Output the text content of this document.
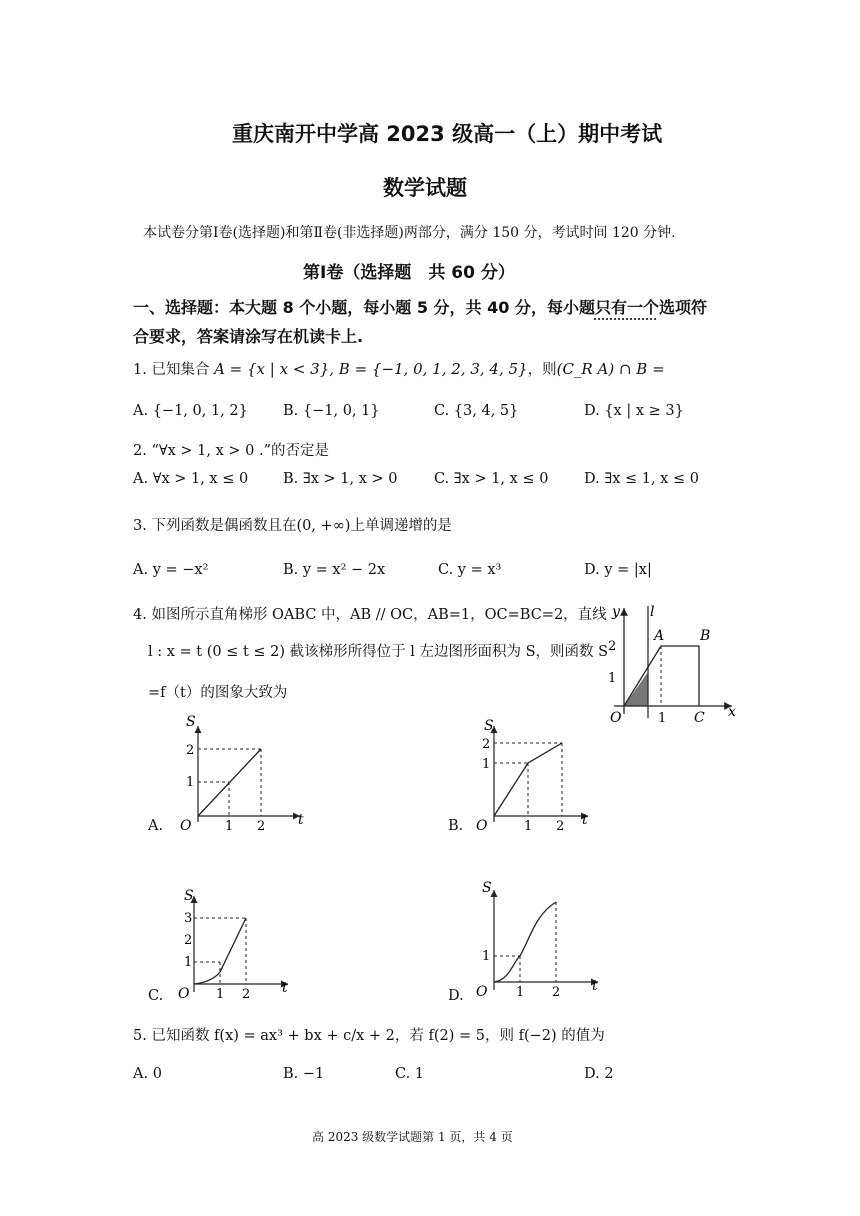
重庆南开中学高 2023 级高一（上）期中考试
数学试题
本试卷分第Ⅰ卷(选择题)和第Ⅱ卷(非选择题)两部分，满分 150 分，考试时间 120 分钟.
第Ⅰ卷（选择题　共 60 分）
一、选择题：本大题 8 个小题，每小题 5 分，共 40 分，每小题只有一个选项符
合要求，答案请涂写在机读卡上.
1. 已知集合 A = {x | x < 3}, B = {−1, 0, 1, 2, 3, 4, 5}，则(C_R A) ∩ B =
A. {−1, 0, 1, 2} B. {−1, 0, 1}	C. {3, 4, 5}	D. {x | x ≥ 3}
2. “∀x > 1, x > 0 .”的否定是
A. ∀x > 1, x ≤ 0 B. ∃x > 1, x > 0	C. ∃x > 1, x ≤ 0 D. ∃x ≤ 1, x ≤ 0
3. 下列函数是偶函数且在(0, +∞)上单调递增的是
A. y = −x²	B. y = x² − 2x	C. y = x³	D. y = |x|
4. 如图所示直角梯形 OABC 中，AB // OC，AB=1，OC=BC=2，直线
l : x = t (0 ≤ t ≤ 2) 截该梯形所得位于 l 左边图形面积为 S，则函数 S
=f（t）的图象大致为
y l
A	B
2
1
O	1 C x
A.
S
2
1
O	1 2 t	B.
S
2
1
O	1 2 t
C.
S
3
2
1
O 1 2 t	D.
S
1
O 1 2 t
5. 已知函数 f(x) = ax³ + bx + c/x + 2，若 f(2) = 5，则 f(−2) 的值为
A. 0	B. −1	C. 1	D. 2
高 2023 级数学试题第 1 页，共 4 页
